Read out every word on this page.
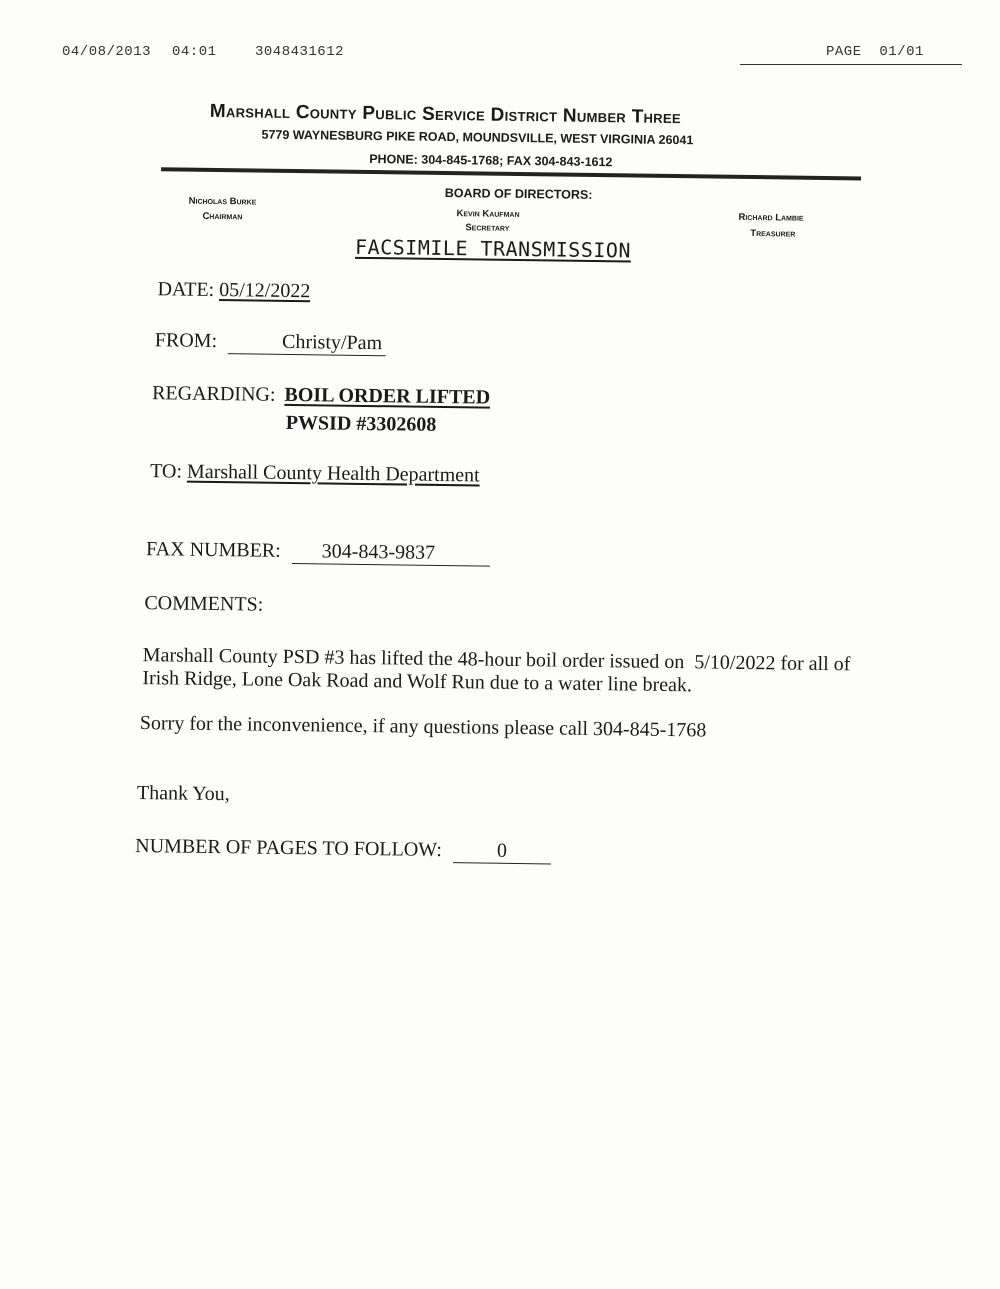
04/08/2013 04:01	3048431612	PAGE  01/01
Marshall County Public Service District Number Three
5779 WAYNESBURG PIKE ROAD, MOUNDSVILLE, WEST VIRGINIA 26041
PHONE: 304-845-1768; FAX 304-843-1612
BOARD OF DIRECTORS:
Nicholas Burke
Chairman	Kevin Kaufman
Secretary
Richard Lambie
Treasurer
FACSIMILE TRANSMISSION
DATE: 05/12/2022
FROM:	Christy/Pam
REGARDING: BOIL ORDER LIFTED
PWSID #3302608
TO: Marshall County Health Department
FAX NUMBER: 304-843-9837
COMMENTS:
Marshall County PSD #3 has lifted the 48-hour boil order issued on  5/10/2022 for all of
Irish Ridge, Lone Oak Road and Wolf Run due to a water line break.
Sorry for the inconvenience, if any questions please call 304-845-1768
Thank You,
NUMBER OF PAGES TO FOLLOW:	0
